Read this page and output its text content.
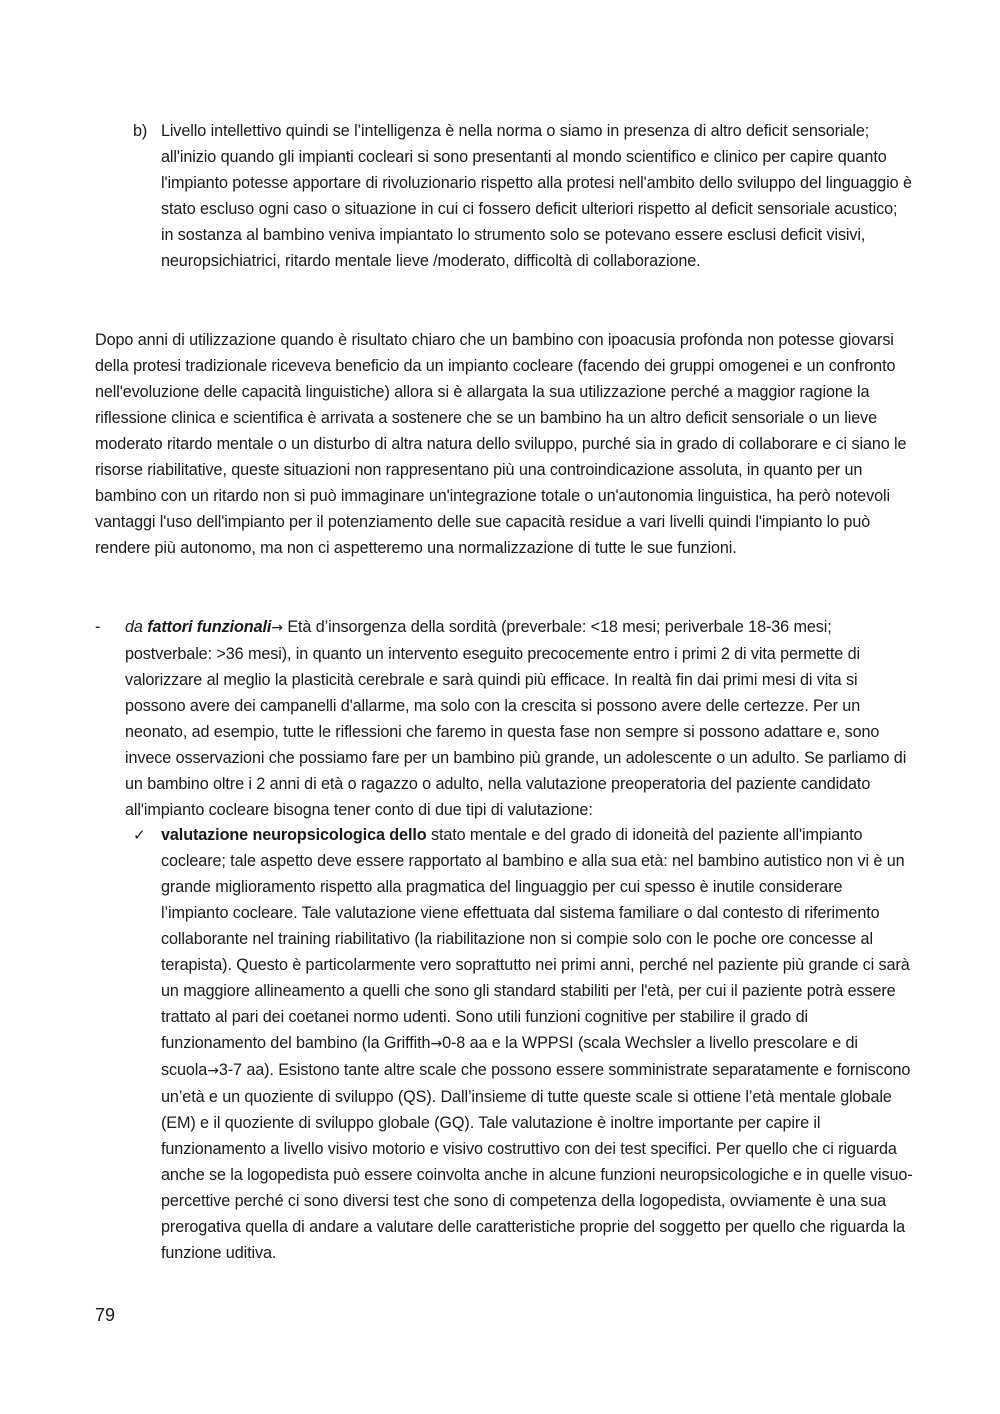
b) Livello intellettivo quindi se l’intelligenza è nella norma o siamo in presenza di altro deficit sensoriale; all'inizio quando gli impianti cocleari si sono presentanti al mondo scientifico e clinico per capire quanto l'impianto potesse apportare di rivoluzionario rispetto alla protesi nell'ambito dello sviluppo del linguaggio è stato escluso ogni caso o situazione in cui ci fossero deficit ulteriori rispetto al deficit sensoriale acustico; in sostanza al bambino veniva impiantato lo strumento solo se potevano essere esclusi deficit visivi, neuropsichiatrici, ritardo mentale lieve /moderato, difficoltà di collaborazione.

Dopo anni di utilizzazione quando è risultato chiaro che un bambino con ipoacusia profonda non potesse giovarsi della protesi tradizionale riceveva beneficio da un impianto cocleare (facendo dei gruppi omogenei e un confronto nell'evoluzione delle capacità linguistiche) allora si è allargata la sua utilizzazione perché a maggior ragione la riflessione clinica e scientifica è arrivata a sostenere che se un bambino ha un altro deficit sensoriale o un lieve moderato ritardo mentale o un disturbo di altra natura dello sviluppo, purché sia in grado di collaborare e ci siano le risorse riabilitative, queste situazioni non rappresentano più una controindicazione assoluta, in quanto per un bambino con un ritardo non si può immaginare un'integrazione totale o un'autonomia linguistica, ha però notevoli vantaggi l'uso dell'impianto per il potenziamento delle sue capacità residue a vari livelli quindi l'impianto lo può rendere più autonomo, ma non ci aspetteremo una normalizzazione di tutte le sue funzioni.

- da fattori funzionali→ Età d’insorgenza della sordità (preverbale: <18 mesi; periverbale 18-36 mesi; postverbale: >36 mesi), in quanto un intervento eseguito precocemente entro i primi 2 di vita permette di valorizzare al meglio la plasticità cerebrale e sarà quindi più efficace. In realtà fin dai primi mesi di vita si possono avere dei campanelli d'allarme, ma solo con la crescita si possono avere delle certezze. Per un neonato, ad esempio, tutte le riflessioni che faremo in questa fase non sempre si possono adattare e, sono invece osservazioni che possiamo fare per un bambino più grande, un adolescente o un adulto. Se parliamo di un bambino oltre i 2 anni di età o ragazzo o adulto, nella valutazione preoperatoria del paziente candidato all'impianto cocleare bisogna tener conto di due tipi di valutazione:

✓ valutazione neuropsicologica dello stato mentale e del grado di idoneità del paziente all'impianto cocleare; tale aspetto deve essere rapportato al bambino e alla sua età: nel bambino autistico non vi è un grande miglioramento rispetto alla pragmatica del linguaggio per cui spesso è inutile considerare l’impianto cocleare. Tale valutazione viene effettuata dal sistema familiare o dal contesto di riferimento collaborante nel training riabilitativo (la riabilitazione non si compie solo con le poche ore concesse al terapista). Questo è particolarmente vero soprattutto nei primi anni, perché nel paziente più grande ci sarà un maggiore allineamento a quelli che sono gli standard stabiliti per l'età, per cui il paziente potrà essere trattato al pari dei coetanei normo udenti. Sono utili funzioni cognitive per stabilire il grado di funzionamento del bambino (la Griffith→0-8 aa e la WPPSI (scala Wechsler a livello prescolare e di scuola→3-7 aa). Esistono tante altre scale che possono essere somministrate separatamente e forniscono un’età e un quoziente di sviluppo (QS). Dall’insieme di tutte queste scale si ottiene l’età mentale globale (EM) e il quoziente di sviluppo globale (GQ). Tale valutazione è inoltre importante per capire il funzionamento a livello visivo motorio e visivo costruttivo con dei test specifici. Per quello che ci riguarda anche se la logopedista può essere coinvolta anche in alcune funzioni neuropsicologiche e in quelle visuo-percettive perché ci sono diversi test che sono di competenza della logopedista, ovviamente è una sua prerogativa quella di andare a valutare delle caratteristiche proprie del soggetto per quello che riguarda la funzione uditiva.

79
